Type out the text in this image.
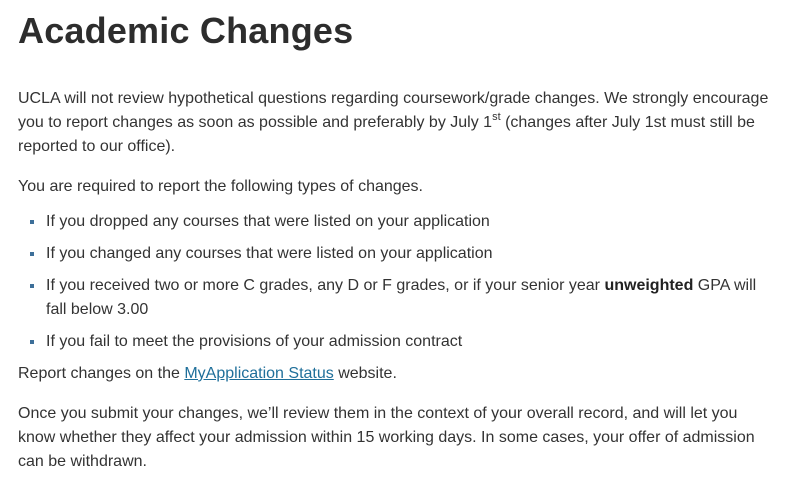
Academic Changes

UCLA will not review hypothetical questions regarding coursework/grade changes. We strongly encourage you to report changes as soon as possible and preferably by July 1st (changes after July 1st must still be reported to our office).

You are required to report the following types of changes.

If you dropped any courses that were listed on your application
If you changed any courses that were listed on your application
If you received two or more C grades, any D or F grades, or if your senior year unweighted GPA will fall below 3.00
If you fail to meet the provisions of your admission contract

Report changes on the MyApplication Status website.

Once you submit your changes, we’ll review them in the context of your overall record, and will let you know whether they affect your admission within 15 working days. In some cases, your offer of admission can be withdrawn.
